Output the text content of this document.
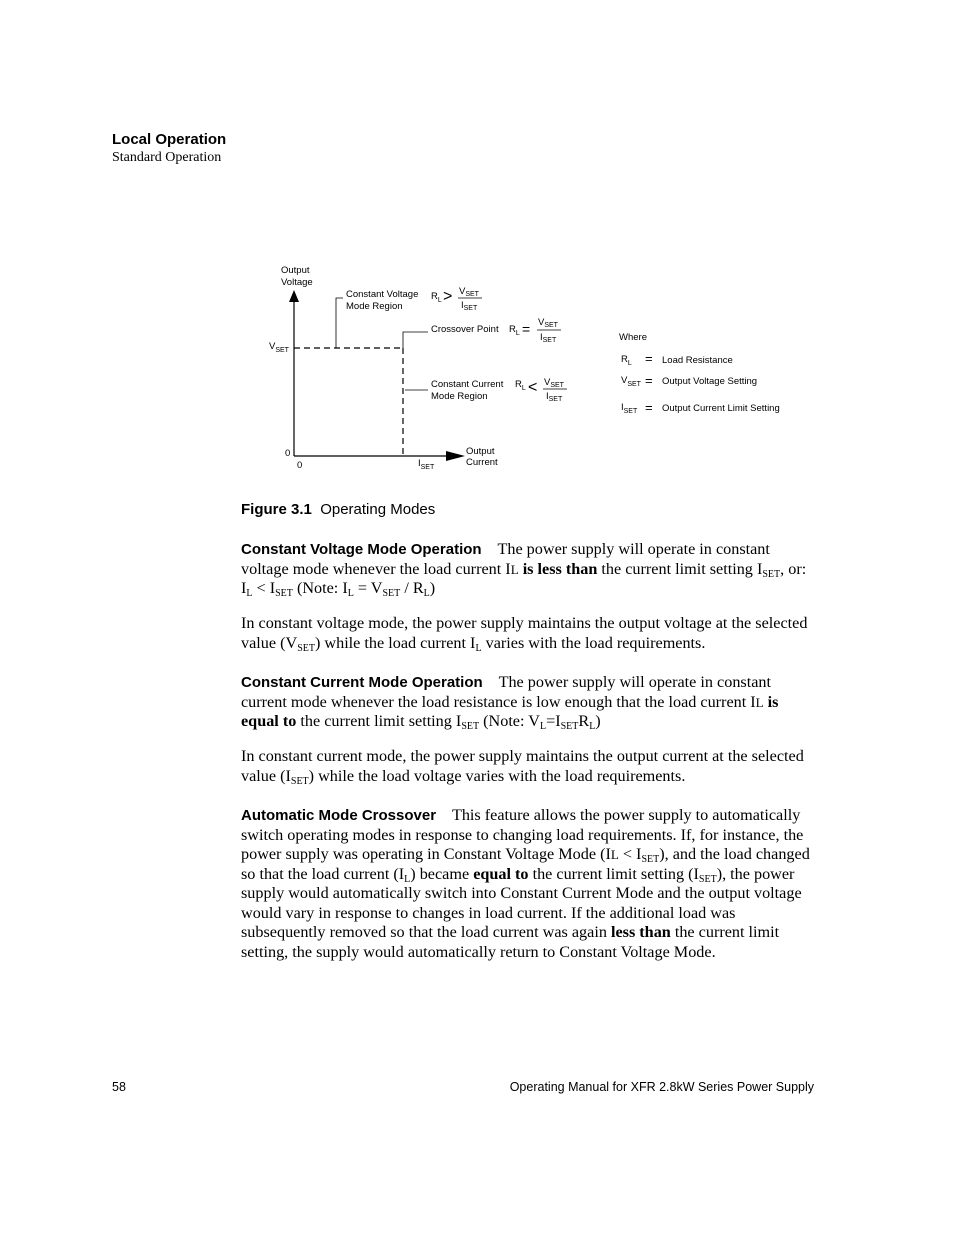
Local Operation
Standard Operation
Output
Voltage
Output
Current
0
0
$V_{SET}$
$I_{SET}$
Constant Voltage
Mode Region
$R_L > V_{SET}$
$I_{SET}$
Crossover Point $R_L = V_{SET}$
$I_{SET}$
Constant Current
Mode Region
$R_L < V_{SET}$
$I_{SET}$
Where
$R_L$ = Load Resistance
$V_{SET}$ = Output Voltage Setting
$I_{SET}$ = Output Current Limit Setting
Figure 3.1 Operating Modes
Constant Voltage Mode Operation    The power supply will operate in constant voltage mode whenever the load current IL is less than the current limit setting $I_{SET}$, or: $I_L < I_{SET}$ (Note: $I_L = V_{SET} / R_L$)
In constant voltage mode, the power supply maintains the output voltage at the selected value $(V_{SET})$ while the load current $I_L$ varies with the load requirements.
Constant Current Mode Operation    The power supply will operate in constant current mode whenever the load resistance is low enough that the load current IL is equal to the current limit setting $I_{SET}$ (Note: $V_L=I_{SET}R_L$)
In constant current mode, the power supply maintains the output current at the selected value $(I_{SET})$ while the load voltage varies with the load requirements.
Automatic Mode Crossover    This feature allows the power supply to automatically switch operating modes in response to changing load requirements. If, for instance, the power supply was operating in Constant Voltage Mode $(IL < I_{SET})$, and the load changed so that the load current $(I_L)$ became equal to the current limit setting $(I_{SET})$, the power supply would automatically switch into Constant Current Mode and the output voltage would vary in response to changes in load current. If the additional load was subsequently removed so that the load current was again less than the current limit setting, the supply would automatically return to Constant Voltage Mode.
58	Operating Manual for XFR 2.8kW Series Power Supply
